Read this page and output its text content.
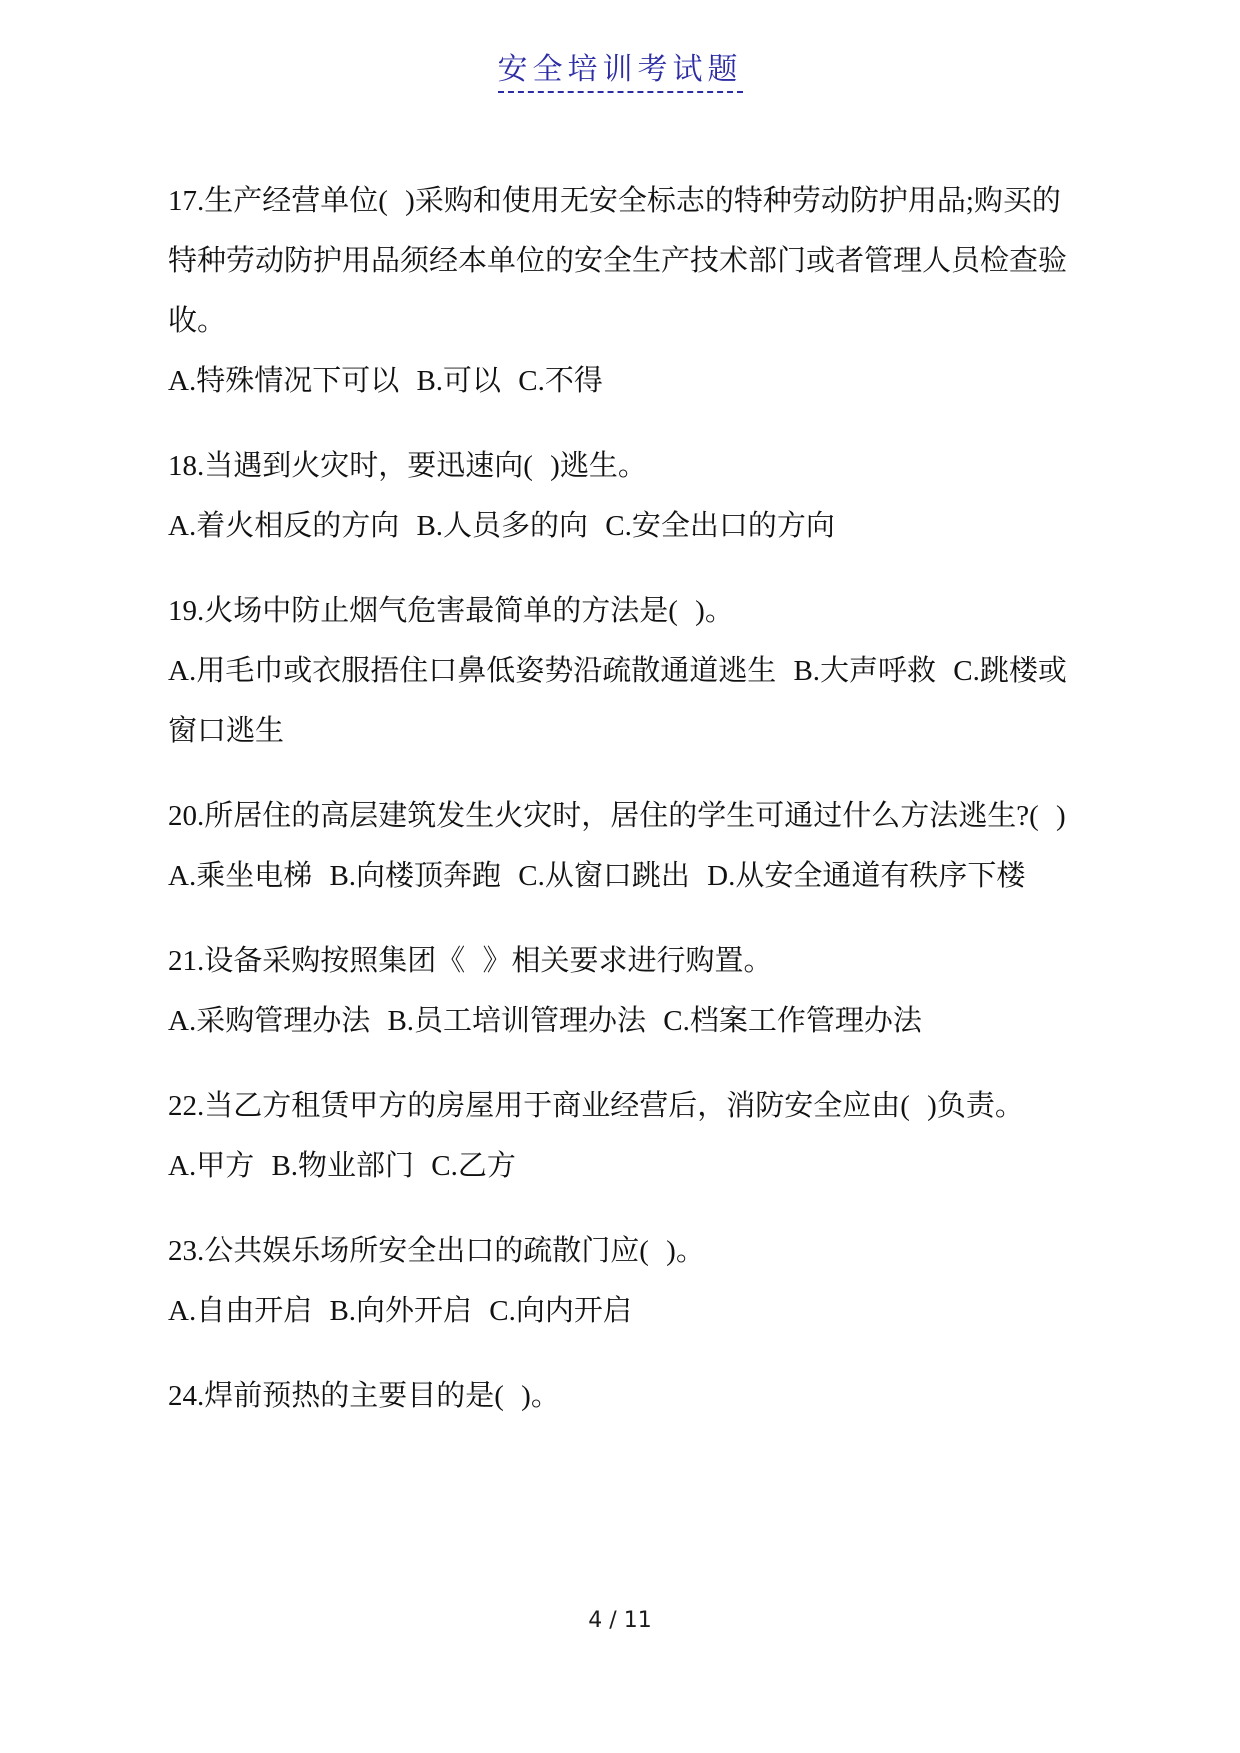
安全培训考试题

17.生产经营单位( )采购和使用无安全标志的特种劳动防护用品;购买的特种劳动防护用品须经本单位的安全生产技术部门或者管理人员检查验收。

A.特殊情况下可以 B.可以 C.不得

18.当遇到火灾时，要迅速向( )逃生。

A.着火相反的方向 B.人员多的向 C.安全出口的方向

19.火场中防止烟气危害最简单的方法是( )。

A.用毛巾或衣服捂住口鼻低姿势沿疏散通道逃生 B.大声呼救 C.跳楼或窗口逃生

20.所居住的高层建筑发生火灾时，居住的学生可通过什么方法逃生?( )

A.乘坐电梯 B.向楼顶奔跑 C.从窗口跳出 D.从安全通道有秩序下楼

21.设备采购按照集团《 》相关要求进行购置。

A.采购管理办法 B.员工培训管理办法 C.档案工作管理办法

22.当乙方租赁甲方的房屋用于商业经营后，消防安全应由( )负责。

A.甲方 B.物业部门 C.乙方

23.公共娱乐场所安全出口的疏散门应( )。

A.自由开启 B.向外开启 C.向内开启

24.焊前预热的主要目的是( )。

4 / 11
